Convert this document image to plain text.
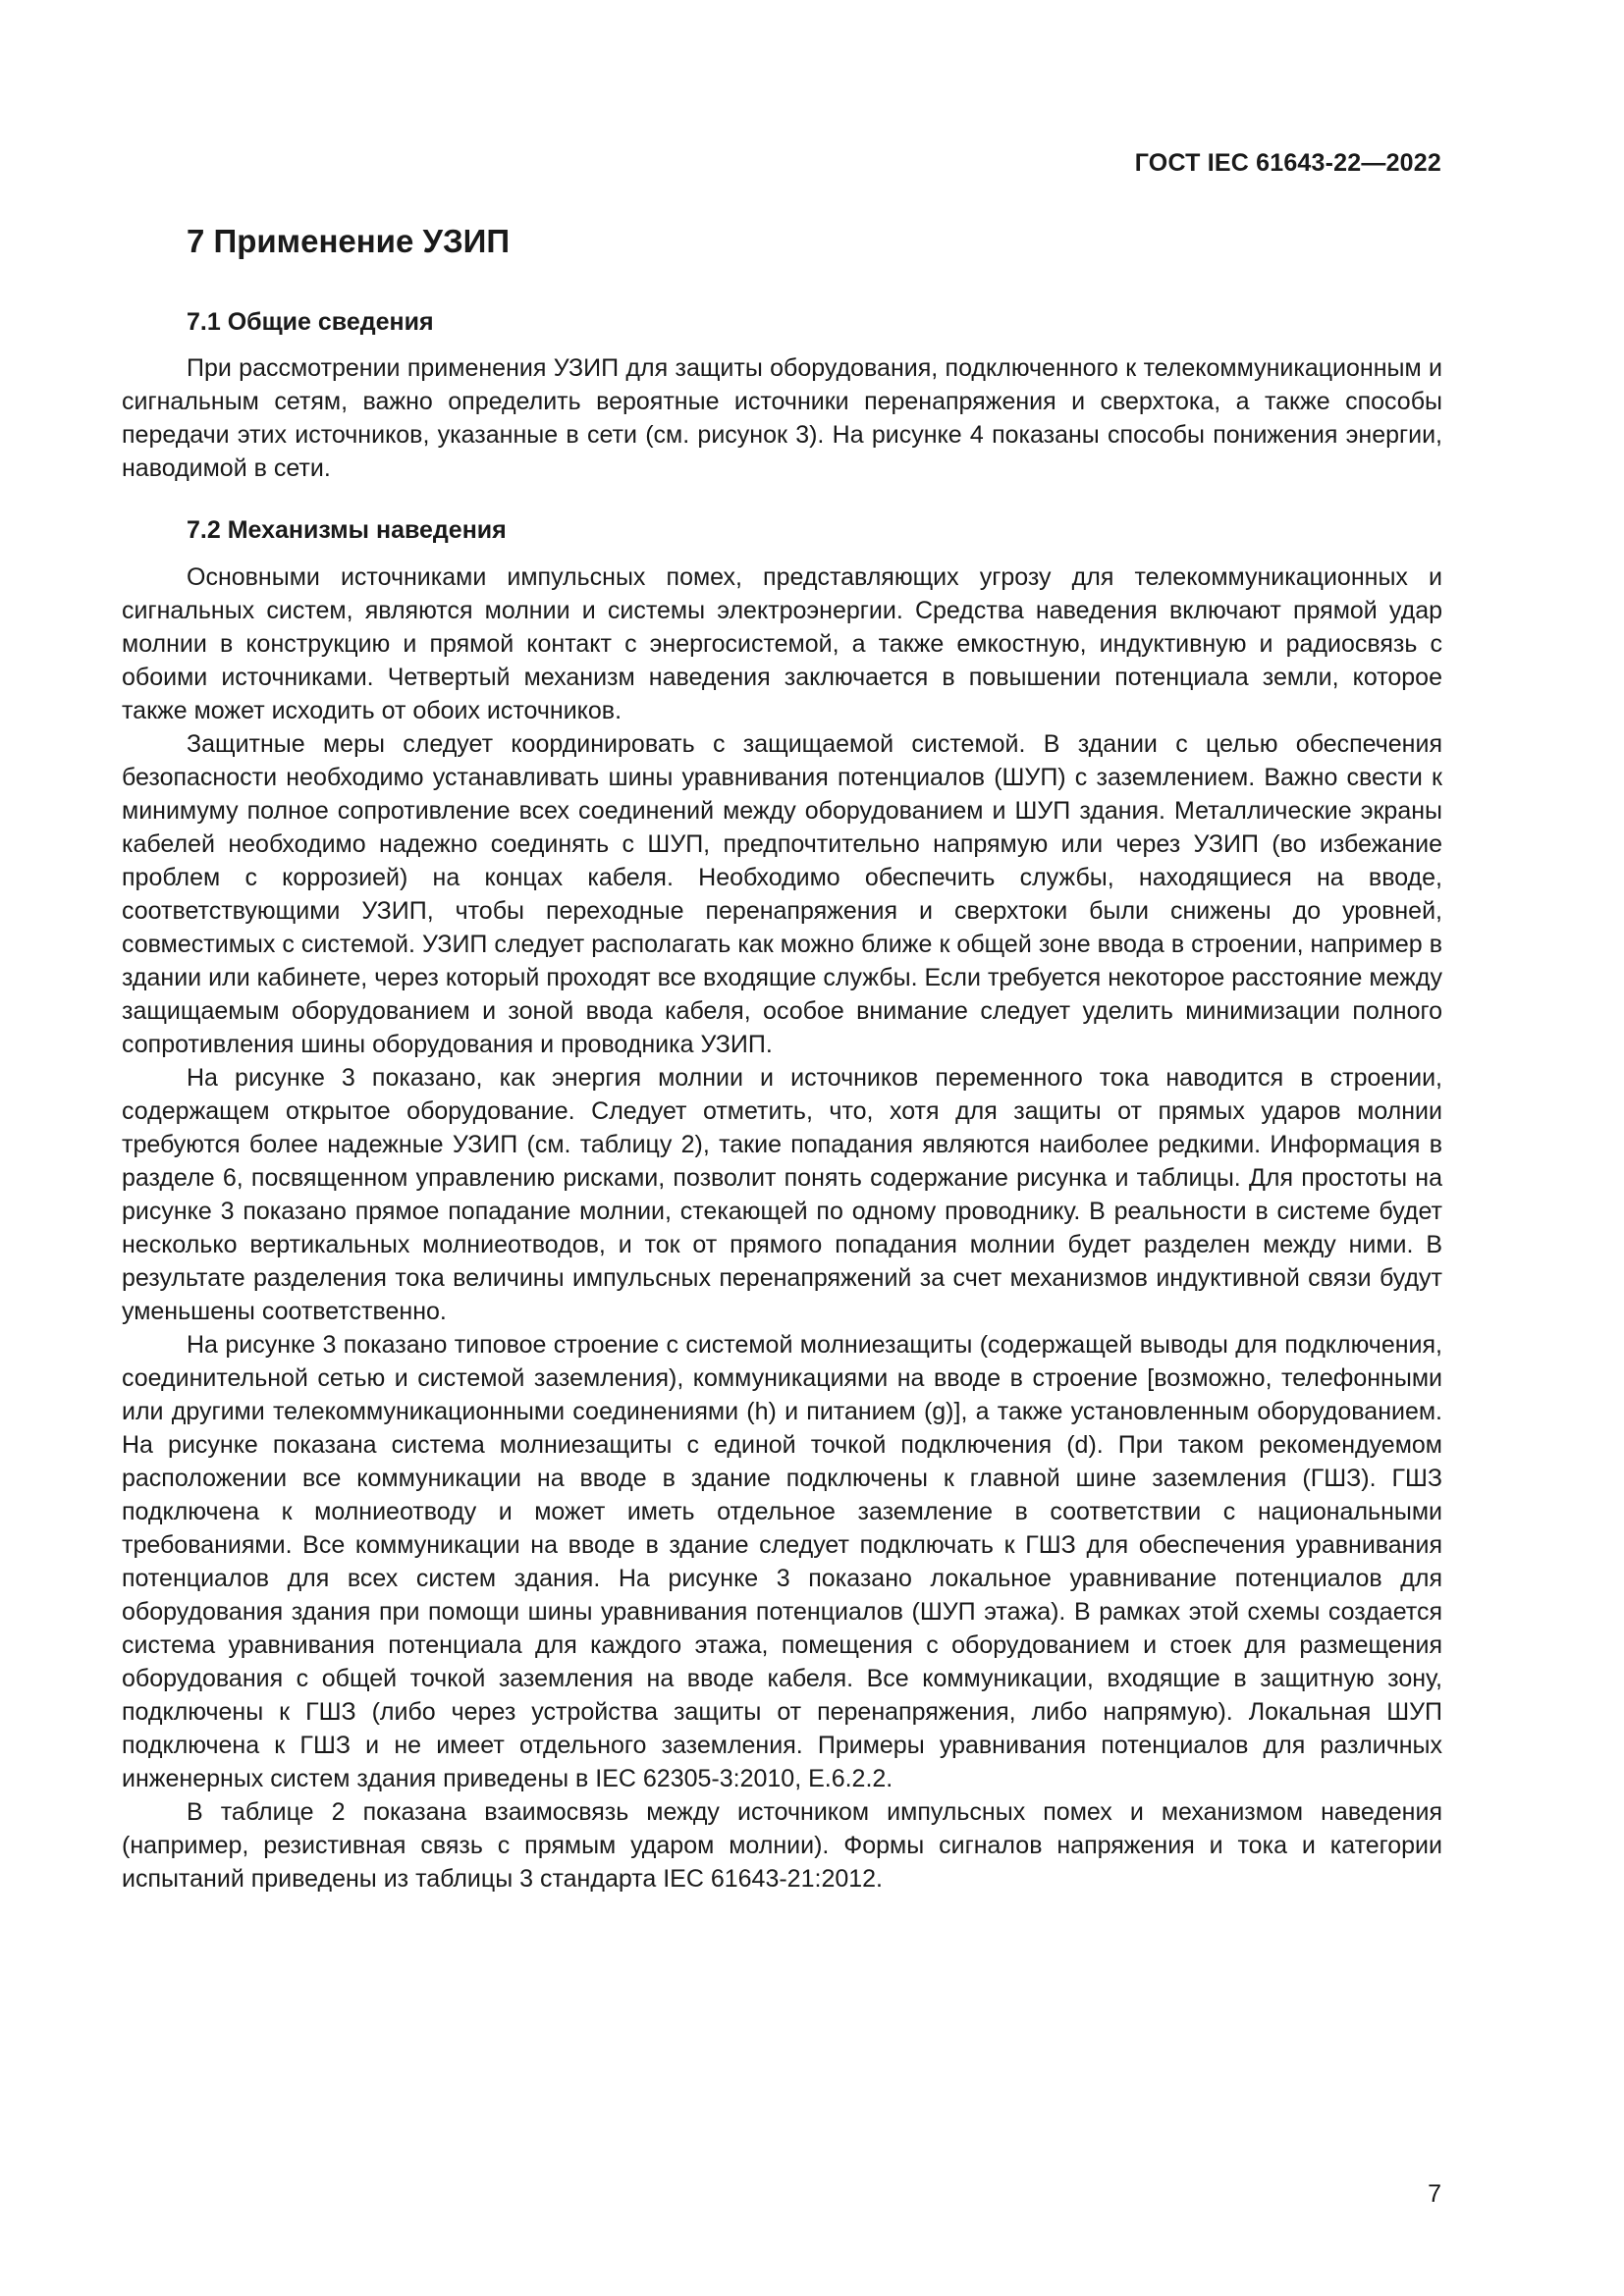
ГОСТ IEC 61643-22—2022
7 Применение УЗИП
7.1 Общие сведения

При рассмотрении применения УЗИП для защиты оборудования, подключенного к телекоммуникационным и сигнальным сетям, важно определить вероятные источники перенапряжения и сверхтока, а также способы передачи этих источников, указанные в сети (см. рисунок 3). На рисунке 4 показаны способы понижения энергии, наводимой в сети.

7.2 Механизмы наведения

Основными источниками импульсных помех, представляющих угрозу для телекоммуникационных и сигнальных систем, являются молнии и системы электроэнергии. Средства наведения включают прямой удар молнии в конструкцию и прямой контакт с энергосистемой, а также емкостную, индуктивную и радиосвязь с обоими источниками. Четвертый механизм наведения заключается в повышении потенциала земли, которое также может исходить от обоих источников.

Защитные меры следует координировать с защищаемой системой. В здании с целью обеспечения безопасности необходимо устанавливать шины уравнивания потенциалов (ШУП) с заземлением. Важно свести к минимуму полное сопротивление всех соединений между оборудованием и ШУП здания. Металлические экраны кабелей необходимо надежно соединять с ШУП, предпочтительно напрямую или через УЗИП (во избежание проблем с коррозией) на концах кабеля. Необходимо обеспечить службы, находящиеся на вводе, соответствующими УЗИП, чтобы переходные перенапряжения и сверхтоки были снижены до уровней, совместимых с системой. УЗИП следует располагать как можно ближе к общей зоне ввода в строении, например в здании или кабинете, через который проходят все входящие службы. Если требуется некоторое расстояние между защищаемым оборудованием и зоной ввода кабеля, особое внимание следует уделить минимизации полного сопротивления шины оборудования и проводника УЗИП.

На рисунке 3 показано, как энергия молнии и источников переменного тока наводится в строении, содержащем открытое оборудование. Следует отметить, что, хотя для защиты от прямых ударов молнии требуются более надежные УЗИП (см. таблицу 2), такие попадания являются наиболее редкими. Информация в разделе 6, посвященном управлению рисками, позволит понять содержание рисунка и таблицы. Для простоты на рисунке 3 показано прямое попадание молнии, стекающей по одному проводнику. В реальности в системе будет несколько вертикальных молниеотводов, и ток от прямого попадания молнии будет разделен между ними. В результате разделения тока величины импульсных перенапряжений за счет механизмов индуктивной связи будут уменьшены соответственно.

На рисунке 3 показано типовое строение с системой молниезащиты (содержащей выводы для подключения, соединительной сетью и системой заземления), коммуникациями на вводе в строение [возможно, телефонными или другими телекоммуникационными соединениями (h) и питанием (g)], а также установленным оборудованием. На рисунке показана система молниезащиты с единой точкой подключения (d). При таком рекомендуемом расположении все коммуникации на вводе в здание подключены к главной шине заземления (ГШЗ). ГШЗ подключена к молниеотводу и может иметь отдельное заземление в соответствии с национальными требованиями. Все коммуникации на вводе в здание следует подключать к ГШЗ для обеспечения уравнивания потенциалов для всех систем здания. На рисунке 3 показано локальное уравнивание потенциалов для оборудования здания при помощи шины уравнивания потенциалов (ШУП этажа). В рамках этой схемы создается система уравнивания потенциала для каждого этажа, помещения с оборудованием и стоек для размещения оборудования с общей точкой заземления на вводе кабеля. Все коммуникации, входящие в защитную зону, подключены к ГШЗ (либо через устройства защиты от перенапряжения, либо напрямую). Локальная ШУП подключена к ГШЗ и не имеет отдельного заземления. Примеры уравнивания потенциалов для различных инженерных систем здания приведены в IEC 62305-3:2010, E.6.2.2.

В таблице 2 показана взаимосвязь между источником импульсных помех и механизмом наведения (например, резистивная связь с прямым ударом молнии). Формы сигналов напряжения и тока и категории испытаний приведены из таблицы 3 стандарта IEC 61643-21:2012.

7
